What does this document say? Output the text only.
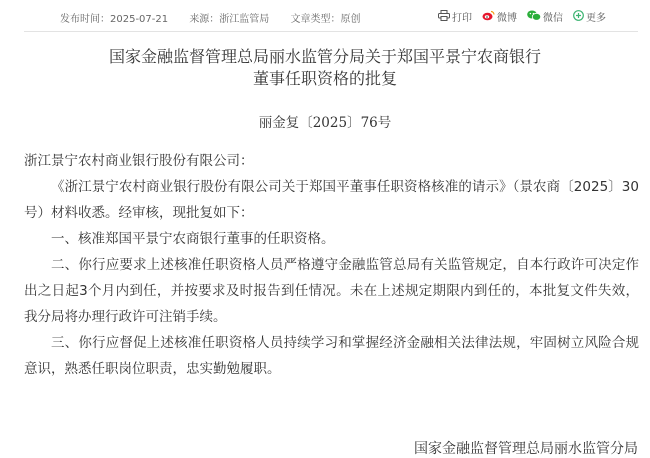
发布时间：2025-07-21 来源：浙江监管局 文章类型：原创	打印	微博	微信 更多
国家金融监督管理总局丽水监管分局关于郑国平景宁农商银行
董事任职资格的批复
丽金复〔2025〕76号

浙江景宁农村商业银行股份有限公司：

《浙江景宁农村商业银行股份有限公司关于郑国平董事任职资格核准的请示》（景农商〔2025〕30号）材料收悉。经审核，现批复如下：

一、核准郑国平景宁农商银行董事的任职资格。

二、你行应要求上述核准任职资格人员严格遵守金融监管总局有关监管规定，自本行政许可决定作出之日起3个月内到任，并按要求及时报告到任情况。未在上述规定期限内到任的，本批复文件失效，我分局将办理行政许可注销手续。

三、你行应督促上述核准任职资格人员持续学习和掌握经济金融相关法律法规，牢固树立风险合规意识，熟悉任职岗位职责，忠实勤勉履职。

国家金融监督管理总局丽水监管分局
